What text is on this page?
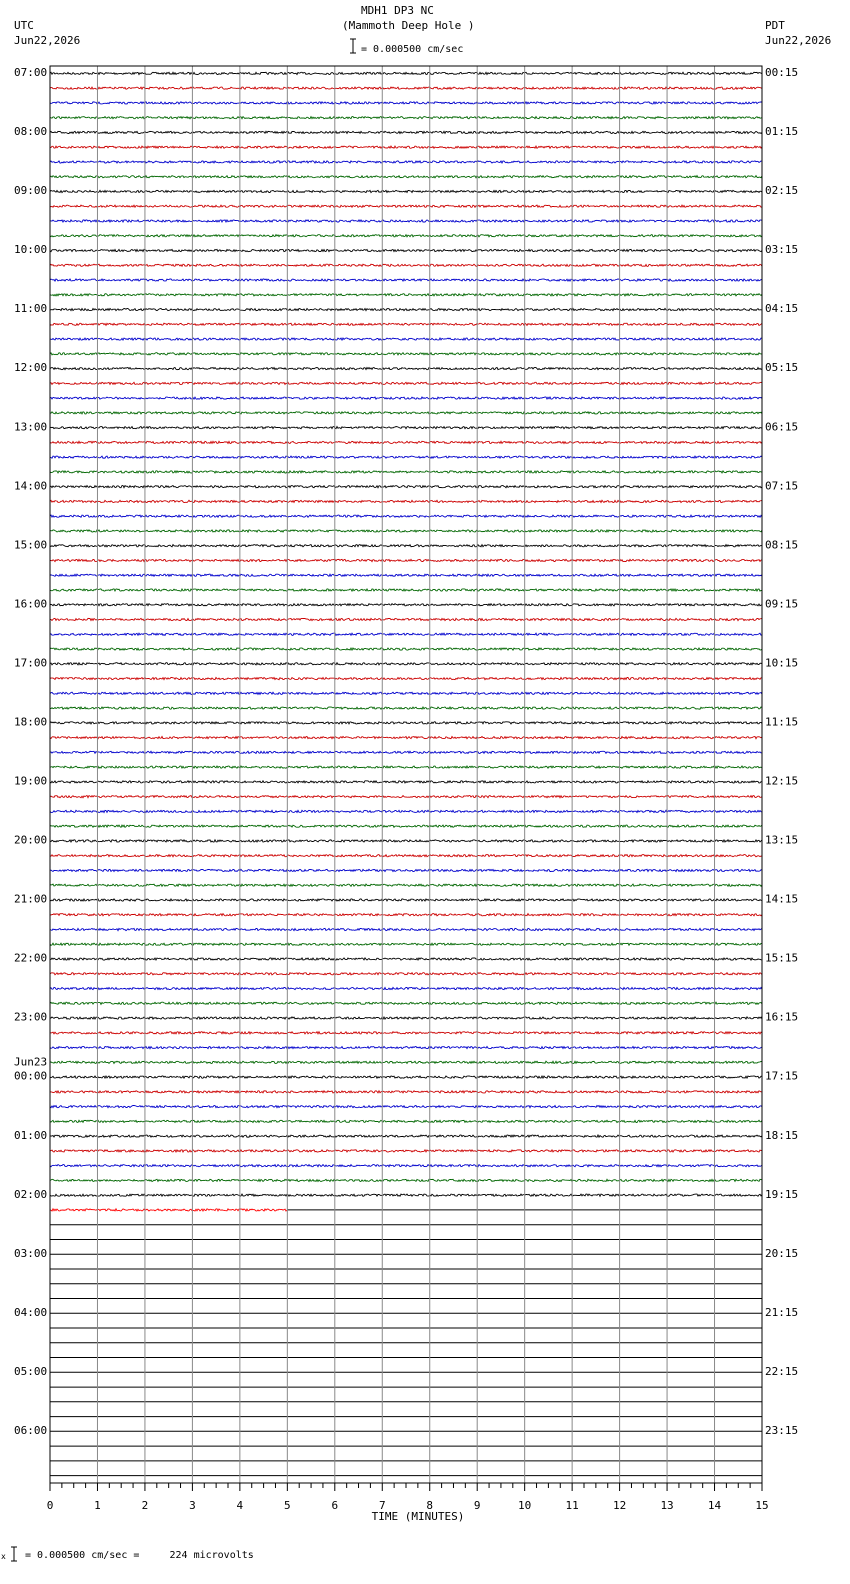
MDH1 DP3 NC
(Mammoth Deep Hole )
= 0.000500 cm/sec
UTC
Jun22,2026
PDT
Jun22,2026
0	1	2	3	4	5	6	7	8	9	10	11	12	13	14	15
07:00	00:15
08:00	01:15
09:00	02:15
10:00	03:15
11:00	04:15
12:00	05:15
13:00	06:15
14:00	07:15
15:00	08:15
16:00	09:15
17:00	10:15
18:00	11:15
19:00	12:15
20:00	13:15
21:00	14:15
22:00	15:15
23:00	16:15
00:00	17:15
Jun23
01:00	18:15
02:00	19:15
03:00	20:15
04:00	21:15
05:00	22:15
06:00	23:15
TIME (MINUTES)
x = 0.000500 cm/sec =     224 microvolts
